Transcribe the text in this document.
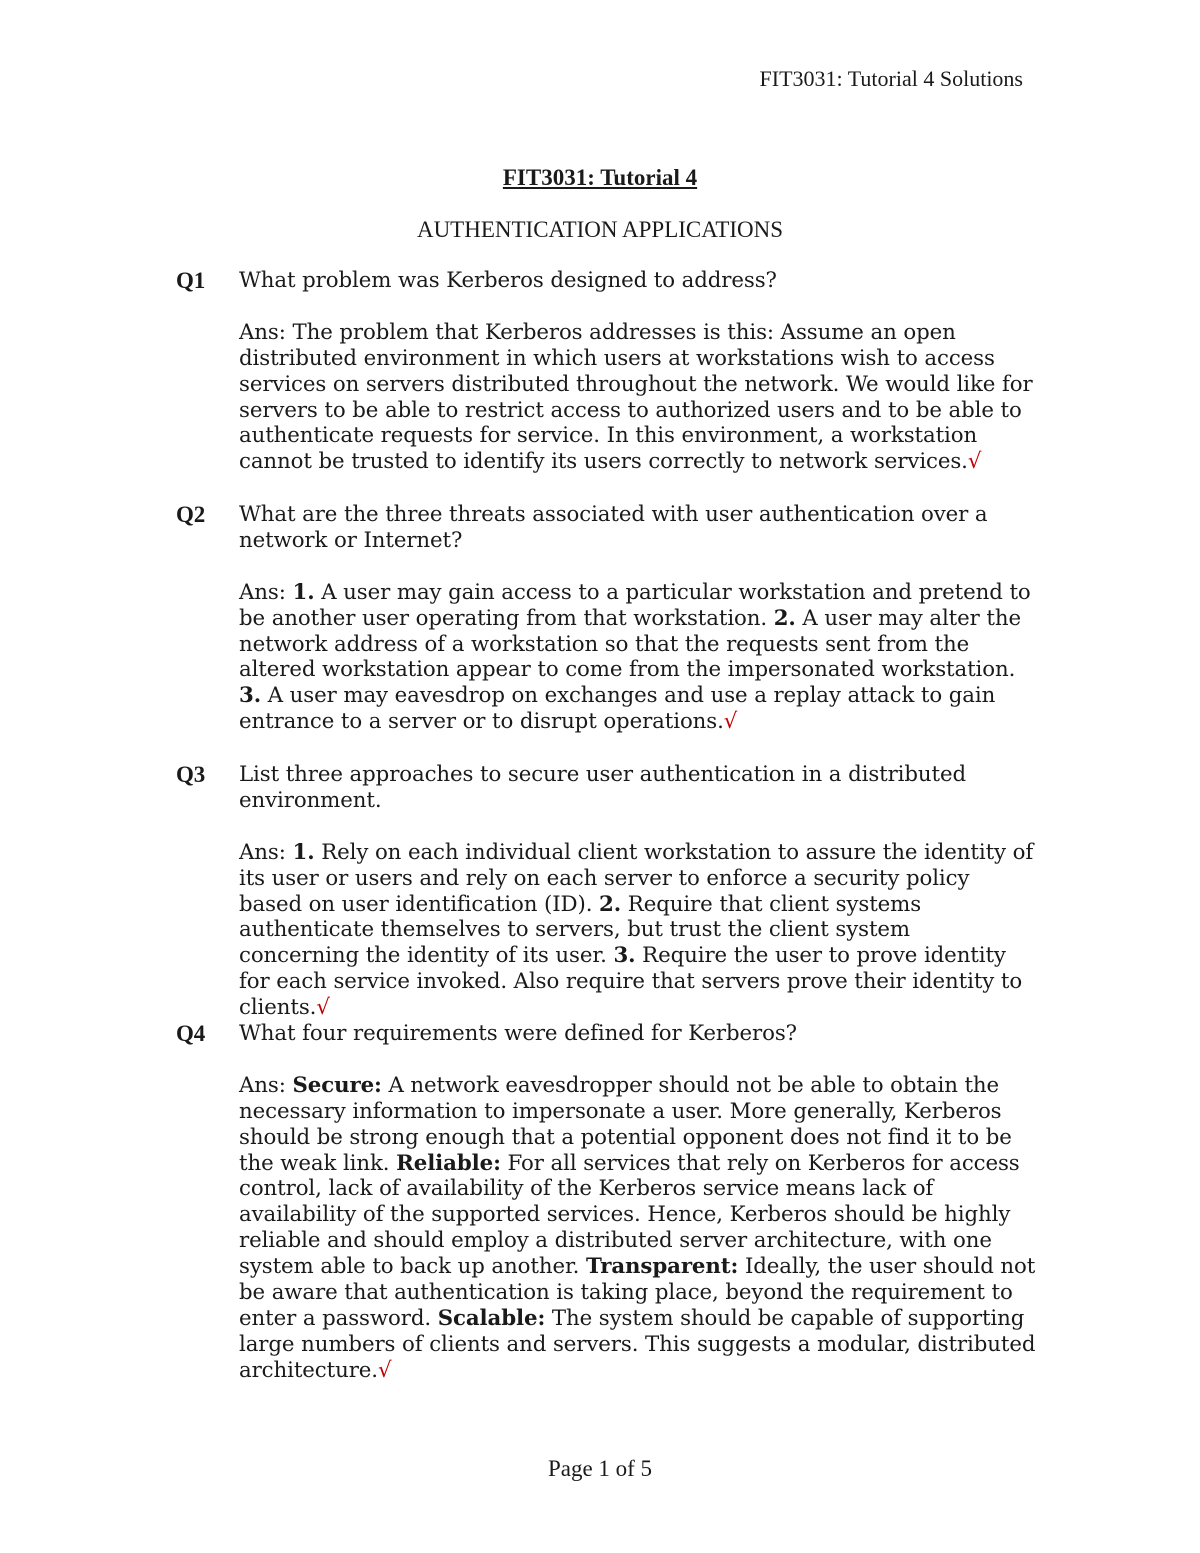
FIT3031: Tutorial 4 Solutions
FIT3031: Tutorial 4
AUTHENTICATION APPLICATIONS
Q1	What problem was Kerberos designed to address?
Ans: The problem that Kerberos addresses is this: Assume an open distributed environment in which users at workstations wish to access services on servers distributed throughout the network. We would like for servers to be able to restrict access to authorized users and to be able to authenticate requests for service. In this environment, a workstation cannot be trusted to identify its users correctly to network services.√
Q2	What are the three threats associated with user authentication over a network or Internet?
Ans: 1. A user may gain access to a particular workstation and pretend to be another user operating from that workstation. 2. A user may alter the network address of a workstation so that the requests sent from the altered workstation appear to come from the impersonated workstation. 3. A user may eavesdrop on exchanges and use a replay attack to gain entrance to a server or to disrupt operations.√
Q3	List three approaches to secure user authentication in a distributed environment.
Ans: 1. Rely on each individual client workstation to assure the identity of its user or users and rely on each server to enforce a security policy based on user identification (ID). 2. Require that client systems authenticate themselves to servers, but trust the client system concerning the identity of its user. 3. Require the user to prove identity for each service invoked. Also require that servers prove their identity to clients.√
Q4	What four requirements were defined for Kerberos?
Ans: Secure: A network eavesdropper should not be able to obtain the necessary information to impersonate a user. More generally, Kerberos should be strong enough that a potential opponent does not find it to be the weak link. Reliable: For all services that rely on Kerberos for access control, lack of availability of the Kerberos service means lack of availability of the supported services. Hence, Kerberos should be highly reliable and should employ a distributed server architecture, with one system able to back up another. Transparent: Ideally, the user should not be aware that authentication is taking place, beyond the requirement to enter a password. Scalable: The system should be capable of supporting large numbers of clients and servers. This suggests a modular, distributed architecture.√
Page 1 of 5
